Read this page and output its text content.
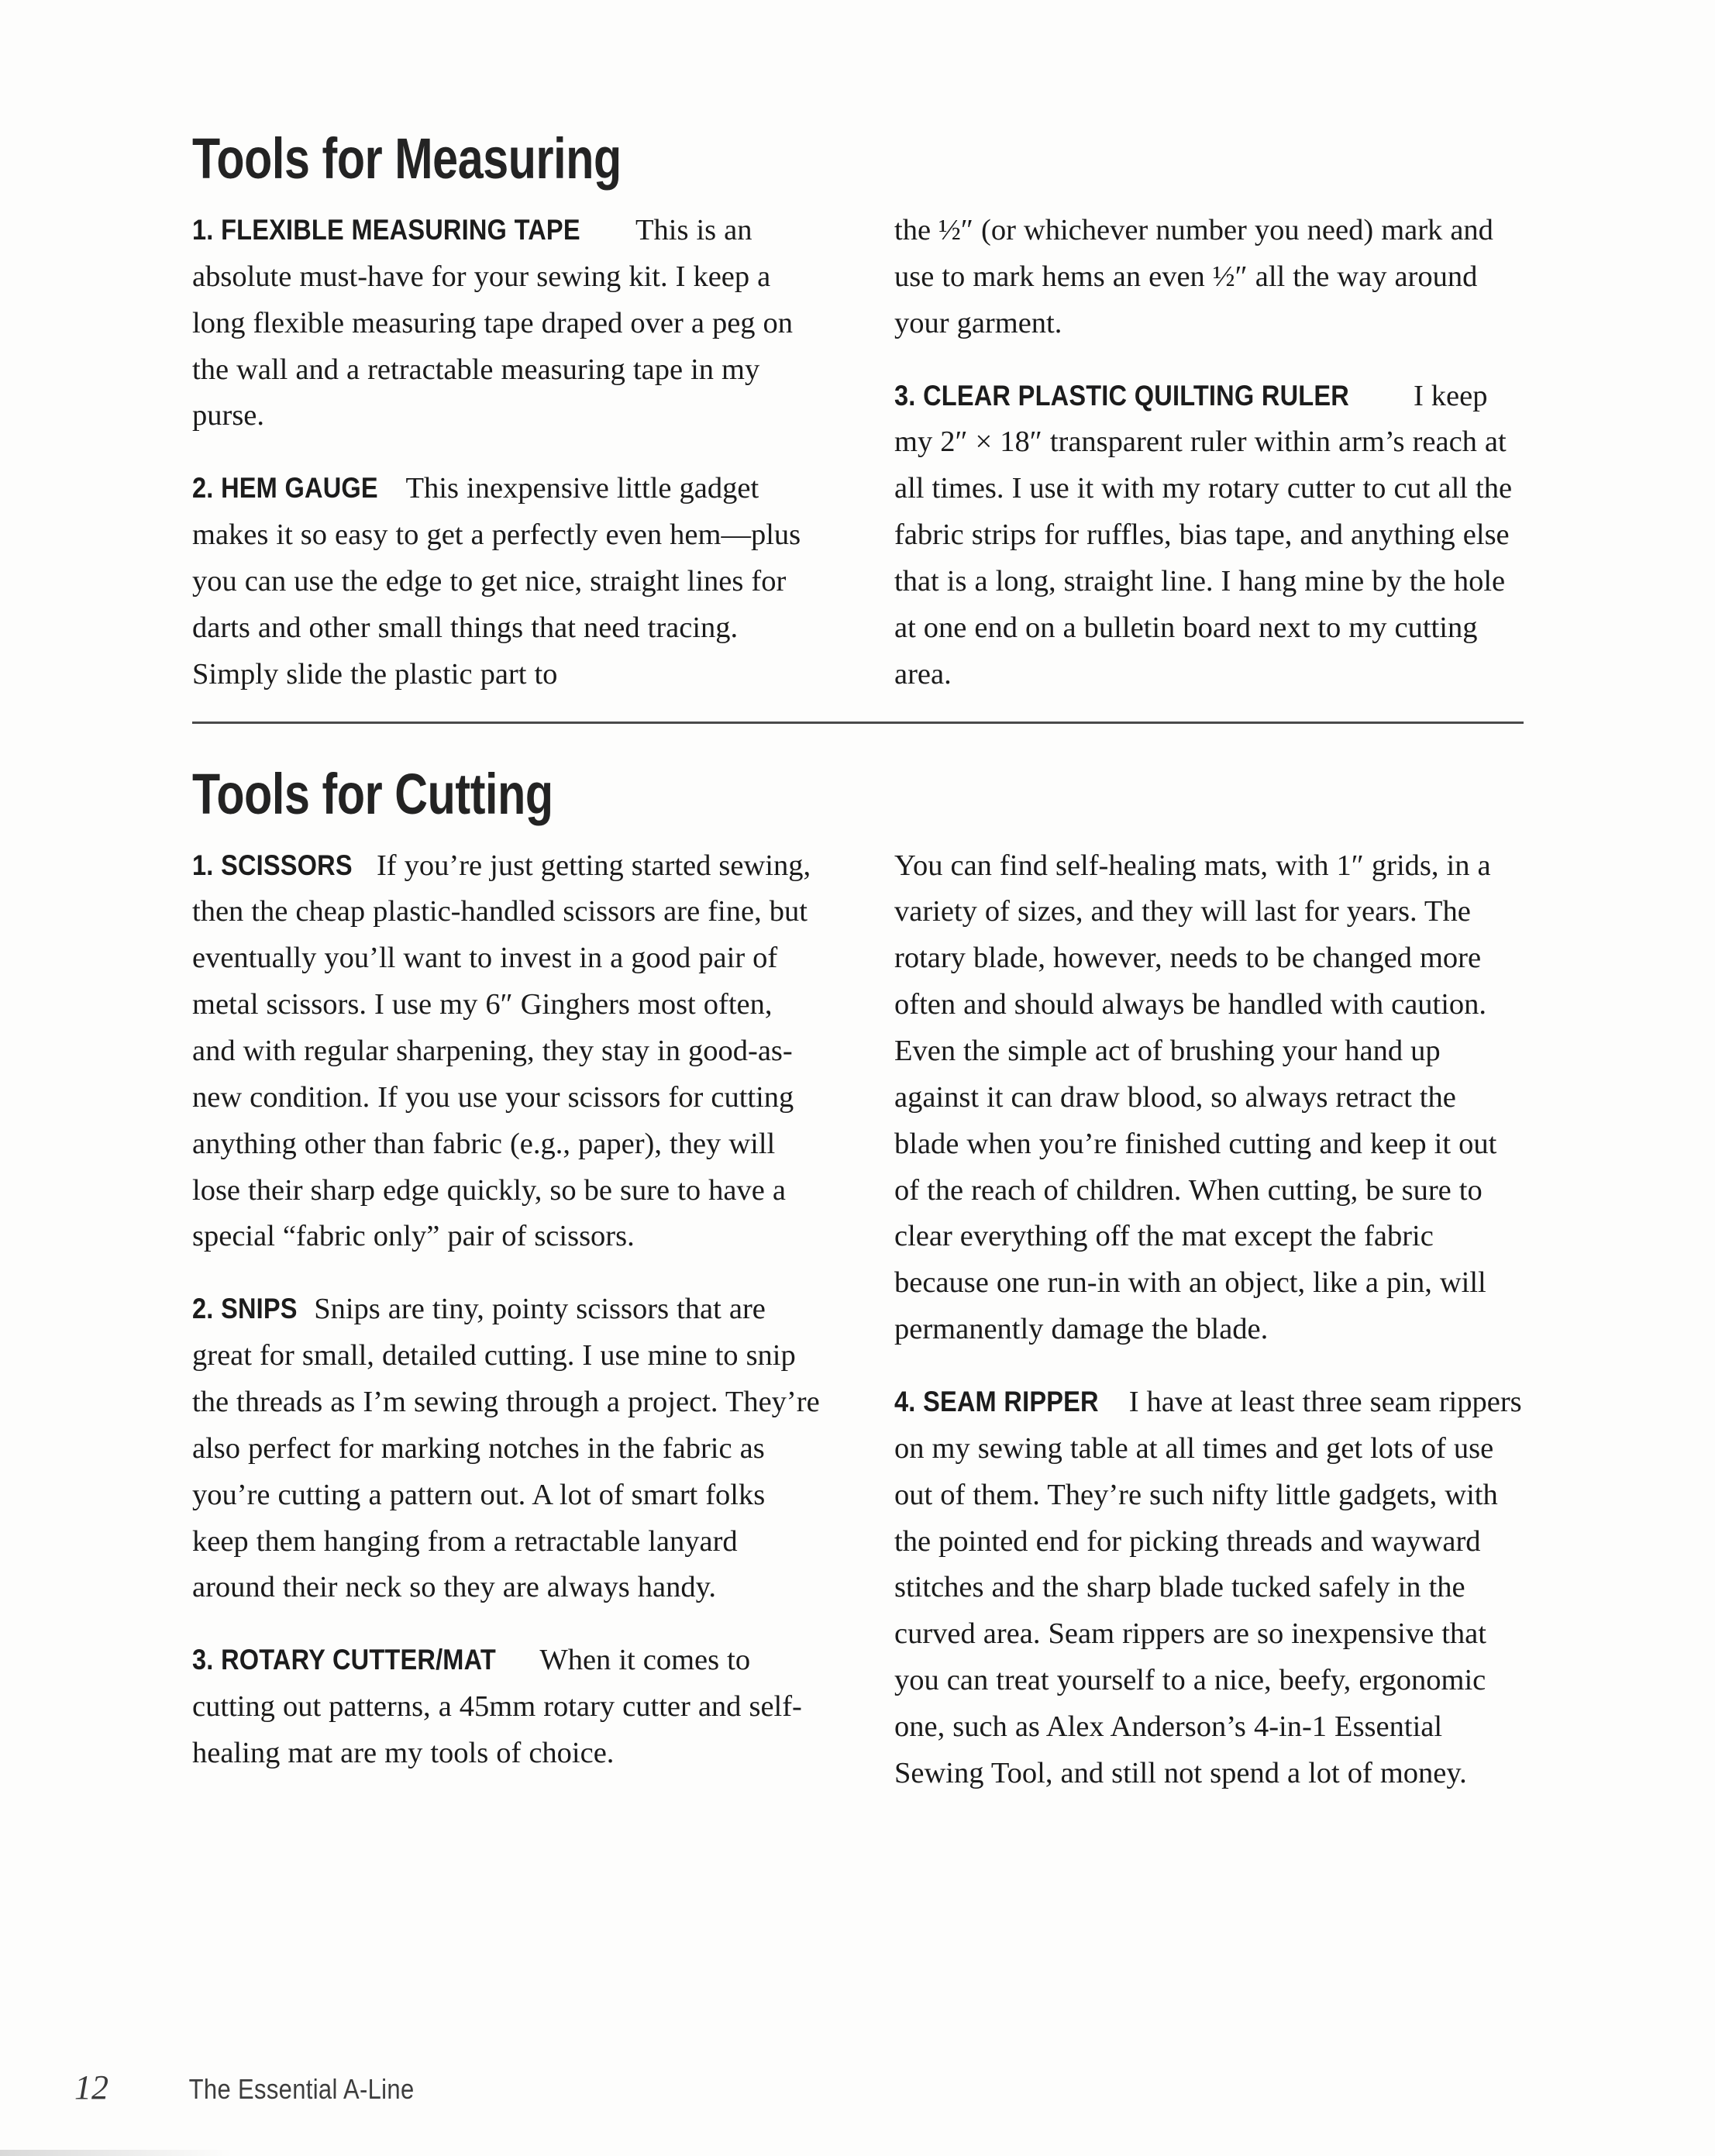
Tools for Measuring

1. FLEXIBLE MEASURING TAPE This is an absolute must-have for your sewing kit. I keep a long flexible measuring tape draped over a peg on the wall and a retractable measuring tape in my purse.

2. HEM GAUGE This inexpensive little gadget makes it so easy to get a perfectly even hem—plus you can use the edge to get nice, straight lines for darts and other small things that need tracing. Simply slide the plastic part to

the ½″ (or whichever number you need) mark and use to mark hems an even ½″ all the way around your garment.

3. CLEAR PLASTIC QUILTING RULER I keep my 2″ × 18″ transparent ruler within arm’s reach at all times. I use it with my rotary cutter to cut all the fabric strips for ruffles, bias tape, and anything else that is a long, straight line. I hang mine by the hole at one end on a bulletin board next to my cutting area.

Tools for Cutting

1. SCISSORS If you’re just getting started sewing, then the cheap plastic-handled scissors are fine, but eventually you’ll want to invest in a good pair of metal scissors. I use my 6″ Ginghers most often, and with regular sharpening, they stay in good-as-new condition. If you use your scissors for cutting anything other than fabric (e.g., paper), they will lose their sharp edge quickly, so be sure to have a special “fabric only” pair of scissors.

2. SNIPS Snips are tiny, pointy scissors that are great for small, detailed cutting. I use mine to snip the threads as I’m sewing through a project. They’re also perfect for marking notches in the fabric as you’re cutting a pattern out. A lot of smart folks keep them hanging from a retractable lanyard around their neck so they are always handy.

3. ROTARY CUTTER/MAT When it comes to cutting out patterns, a 45mm rotary cutter and self-healing mat are my tools of choice.

You can find self-healing mats, with 1″ grids, in a variety of sizes, and they will last for years. The rotary blade, however, needs to be changed more often and should always be handled with caution. Even the simple act of brushing your hand up against it can draw blood, so always retract the blade when you’re finished cutting and keep it out of the reach of children. When cutting, be sure to clear everything off the mat except the fabric because one run-in with an object, like a pin, will permanently damage the blade.

4. SEAM RIPPER I have at least three seam rippers on my sewing table at all times and get lots of use out of them. They’re such nifty little gadgets, with the pointed end for picking threads and wayward stitches and the sharp blade tucked safely in the curved area. Seam rippers are so inexpensive that you can treat yourself to a nice, beefy, ergonomic one, such as Alex Anderson’s 4-in-1 Essential Sewing Tool, and still not spend a lot of money.

12	The Essential A-Line
